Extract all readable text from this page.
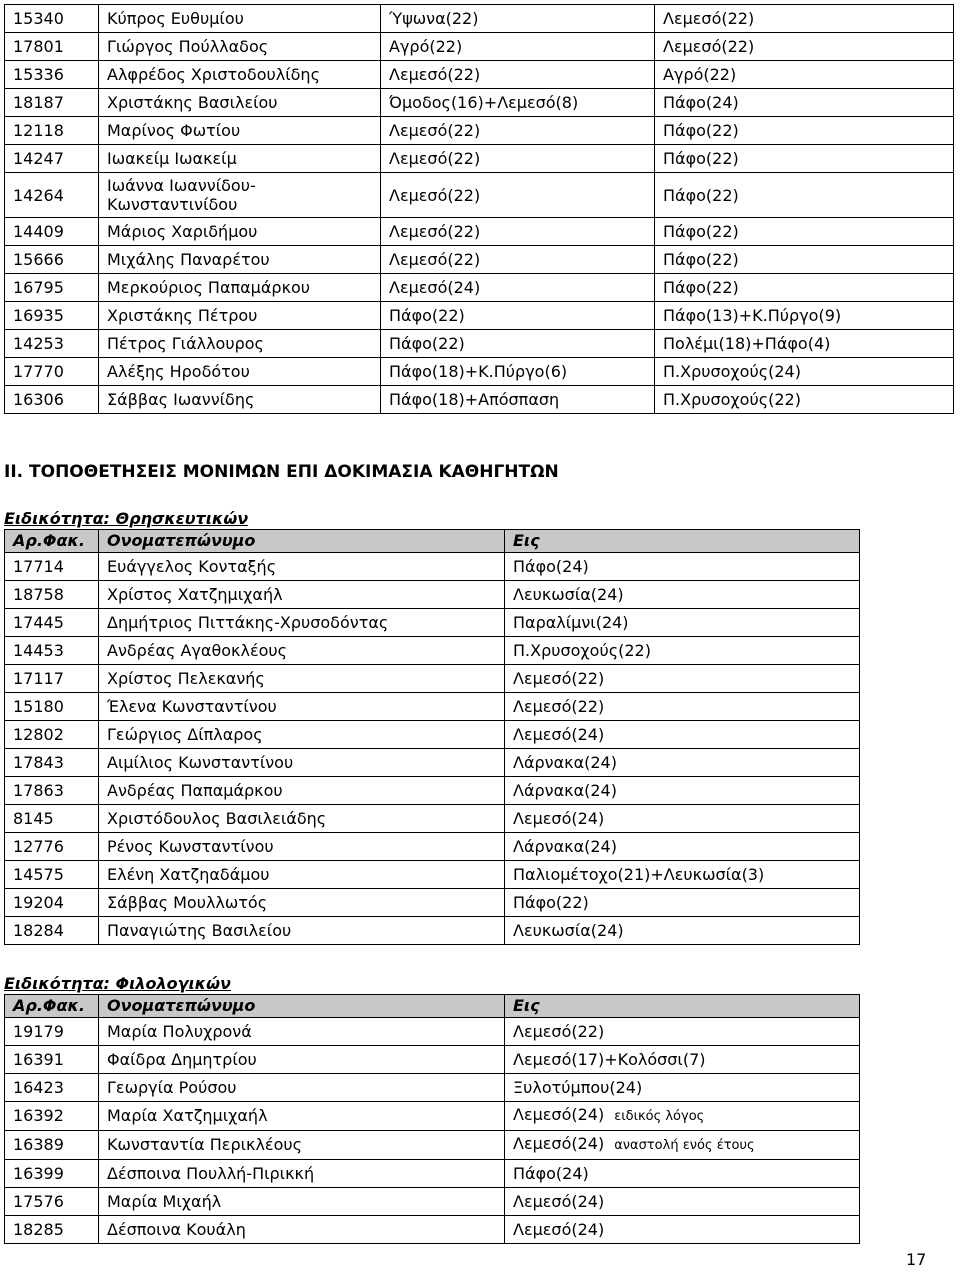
15340	Κύπρος Ευθυμίου	Ύψωνα(22)	Λεμεσό(22)
17801	Γιώργος Πούλλαδος	Αγρό(22)	Λεμεσό(22)
15336	Αλφρέδος Χριστοδουλίδης	Λεμεσό(22)	Αγρό(22)
18187	Χριστάκης Βασιλείου	Όμοδος(16)+Λεμεσό(8)	Πάφο(24)
12118	Μαρίνος Φωτίου	Λεμεσό(22)	Πάφο(22)
14247	Ιωακείμ Ιωακείμ	Λεμεσό(22)	Πάφο(22)
14264	Ιωάννα Ιωαννίδου-Κωνσταντινίδου	Λεμεσό(22)	Πάφο(22)
14409	Μάριος Χαριδήμου	Λεμεσό(22)	Πάφο(22)
15666	Μιχάλης Παναρέτου	Λεμεσό(22)	Πάφο(22)
16795	Μερκούριος Παπαμάρκου	Λεμεσό(24)	Πάφο(22)
16935	Χριστάκης Πέτρου	Πάφο(22)	Πάφο(13)+Κ.Πύργο(9)
14253	Πέτρος Γιάλλουρος	Πάφο(22)	Πολέμι(18)+Πάφο(4)
17770	Αλέξης Ηροδότου	Πάφο(18)+Κ.Πύργο(6)	Π.Χρυσοχούς(24)
16306	Σάββας Ιωαννίδης	Πάφο(18)+Απόσπαση	Π.Χρυσοχούς(22)
ΙΙ. ΤΟΠΟΘΕΤΗΣΕΙΣ ΜΟΝΙΜΩΝ ΕΠΙ ΔΟΚΙΜΑΣΙΑ ΚΑΘΗΓΗΤΩΝ
Ειδικότητα: Θρησκευτικών
Αρ.Φακ.	Ονοματεπώνυμο	Εις
17714	Ευάγγελος Κονταξής	Πάφο(24)
18758	Χρίστος Χατζημιχαήλ	Λευκωσία(24)
17445	Δημήτριος Πιττάκης-Χρυσοδόντας	Παραλίμνι(24)
14453	Ανδρέας Αγαθοκλέους	Π.Χρυσοχούς(22)
17117	Χρίστος Πελεκανής	Λεμεσό(22)
15180	Έλενα Κωνσταντίνου	Λεμεσό(22)
12802	Γεώργιος Δίπλαρος	Λεμεσό(24)
17843	Αιμίλιος Κωνσταντίνου	Λάρνακα(24)
17863	Ανδρέας Παπαμάρκου	Λάρνακα(24)
8145	Χριστόδουλος Βασιλειάδης	Λεμεσό(24)
12776	Ρένος Κωνσταντίνου	Λάρνακα(24)
14575	Ελένη Χατζηαδάμου	Παλιομέτοχο(21)+Λευκωσία(3)
19204	Σάββας Μουλλωτός	Πάφο(22)
18284	Παναγιώτης Βασιλείου	Λευκωσία(24)
Ειδικότητα: Φιλολογικών
Αρ.Φακ.	Ονοματεπώνυμο	Εις
19179	Μαρία Πολυχρονά	Λεμεσό(22)
16391	Φαίδρα Δημητρίου	Λεμεσό(17)+Κολόσσι(7)
16423	Γεωργία Ρούσου	Ξυλοτύμπου(24)
16392	Μαρία Χατζημιχαήλ	Λεμεσό(24) ειδικός λόγος
16389	Κωνσταντία Περικλέους	Λεμεσό(24) αναστολή ενός έτους
16399	Δέσποινα Πουλλή-Πιρικκή	Πάφο(24)
17576	Μαρία Μιχαήλ	Λεμεσό(24)
18285	Δέσποινα Κουάλη	Λεμεσό(24)
17
